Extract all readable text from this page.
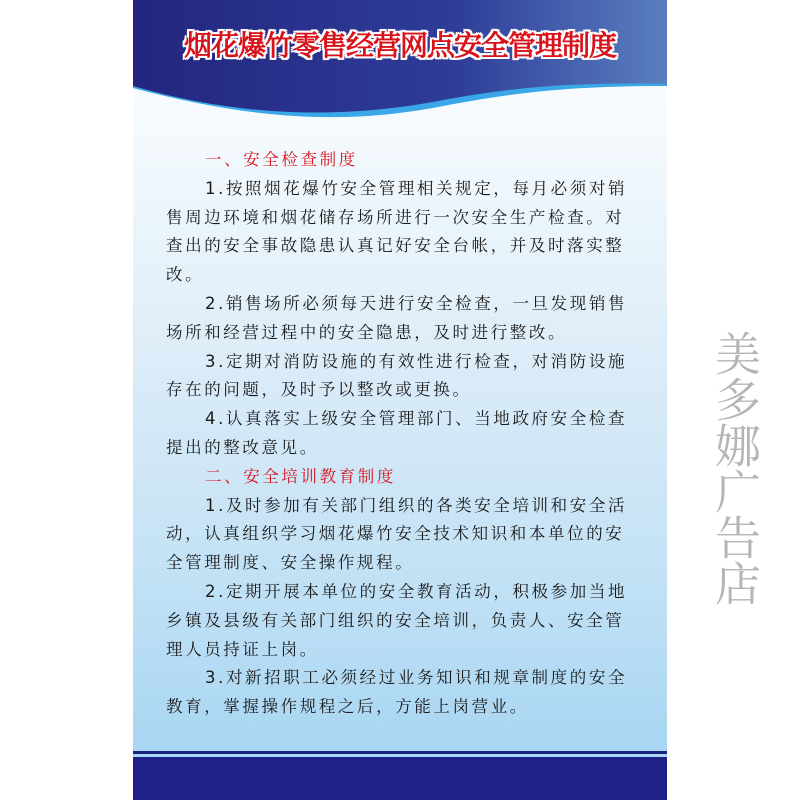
烟花爆竹零售经营网点安全管理制度
一、安全检查制度
1.按照烟花爆竹安全管理相关规定，每月必须对销
售周边环境和烟花储存场所进行一次安全生产检查。对
查出的安全事故隐患认真记好安全台帐，并及时落实整
改。
2.销售场所必须每天进行安全检查，一旦发现销售
场所和经营过程中的安全隐患，及时进行整改。
3.定期对消防设施的有效性进行检查，对消防设施
存在的问题，及时予以整改或更换。
4.认真落实上级安全管理部门、当地政府安全检查
提出的整改意见。
二、安全培训教育制度
1.及时参加有关部门组织的各类安全培训和安全活
动，认真组织学习烟花爆竹安全技术知识和本单位的安
全管理制度、安全操作规程。
2.定期开展本单位的安全教育活动，积极参加当地
乡镇及县级有关部门组织的安全培训，负责人、安全管
理人员持证上岗。
3.对新招职工必须经过业务知识和规章制度的安全
教育，掌握操作规程之后，方能上岗营业。
美多娜广告店
